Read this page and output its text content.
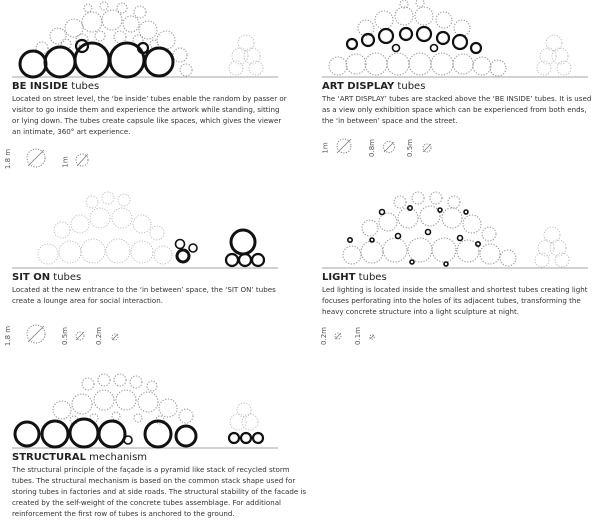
1.8 m	1m
1m	0.8m	0.5m
1.8 m	0.5m	0.2m	0.2m	0.1m

BE INSIDE tubes

Located on street level, the ‘be inside’ tubes enable the random by passer or visitor to go inside them and experience the artwork while standing, sitting or lying down. The tubes create capsule like spaces, which gives the viewer an intimate, 360° art experience.

ART DISPLAY tubes

The ‘ART DISPLAY’ tubes are stacked above the ‘BE INSIDE’ tubes. It is used as a view only exhibition space which can be experienced from both ends, the ‘in between’ space and the street.

SIT ON tubes

Located at the new entrance to the ‘in between’ space, the ‘SIT ON’ tubes create a lounge area for social interaction.

LIGHT tubes

Led lighting is located inside the smallest and shortest tubes creating light focuses perforating into the holes of its adjacent tubes, transforming the heavy concrete structure into a light sculpture at night.

STRUCTURAL mechanism

The structural principle of the façade is a pyramid like stack of recycled storm tubes. The structural mechanism is based on the common stack shape used for storing tubes in factories and at side roads. The structural stability of the facade is created by the self-weight of the concrete tubes assemblage. For additional reinforcement the first row of tubes is anchored to the ground.
